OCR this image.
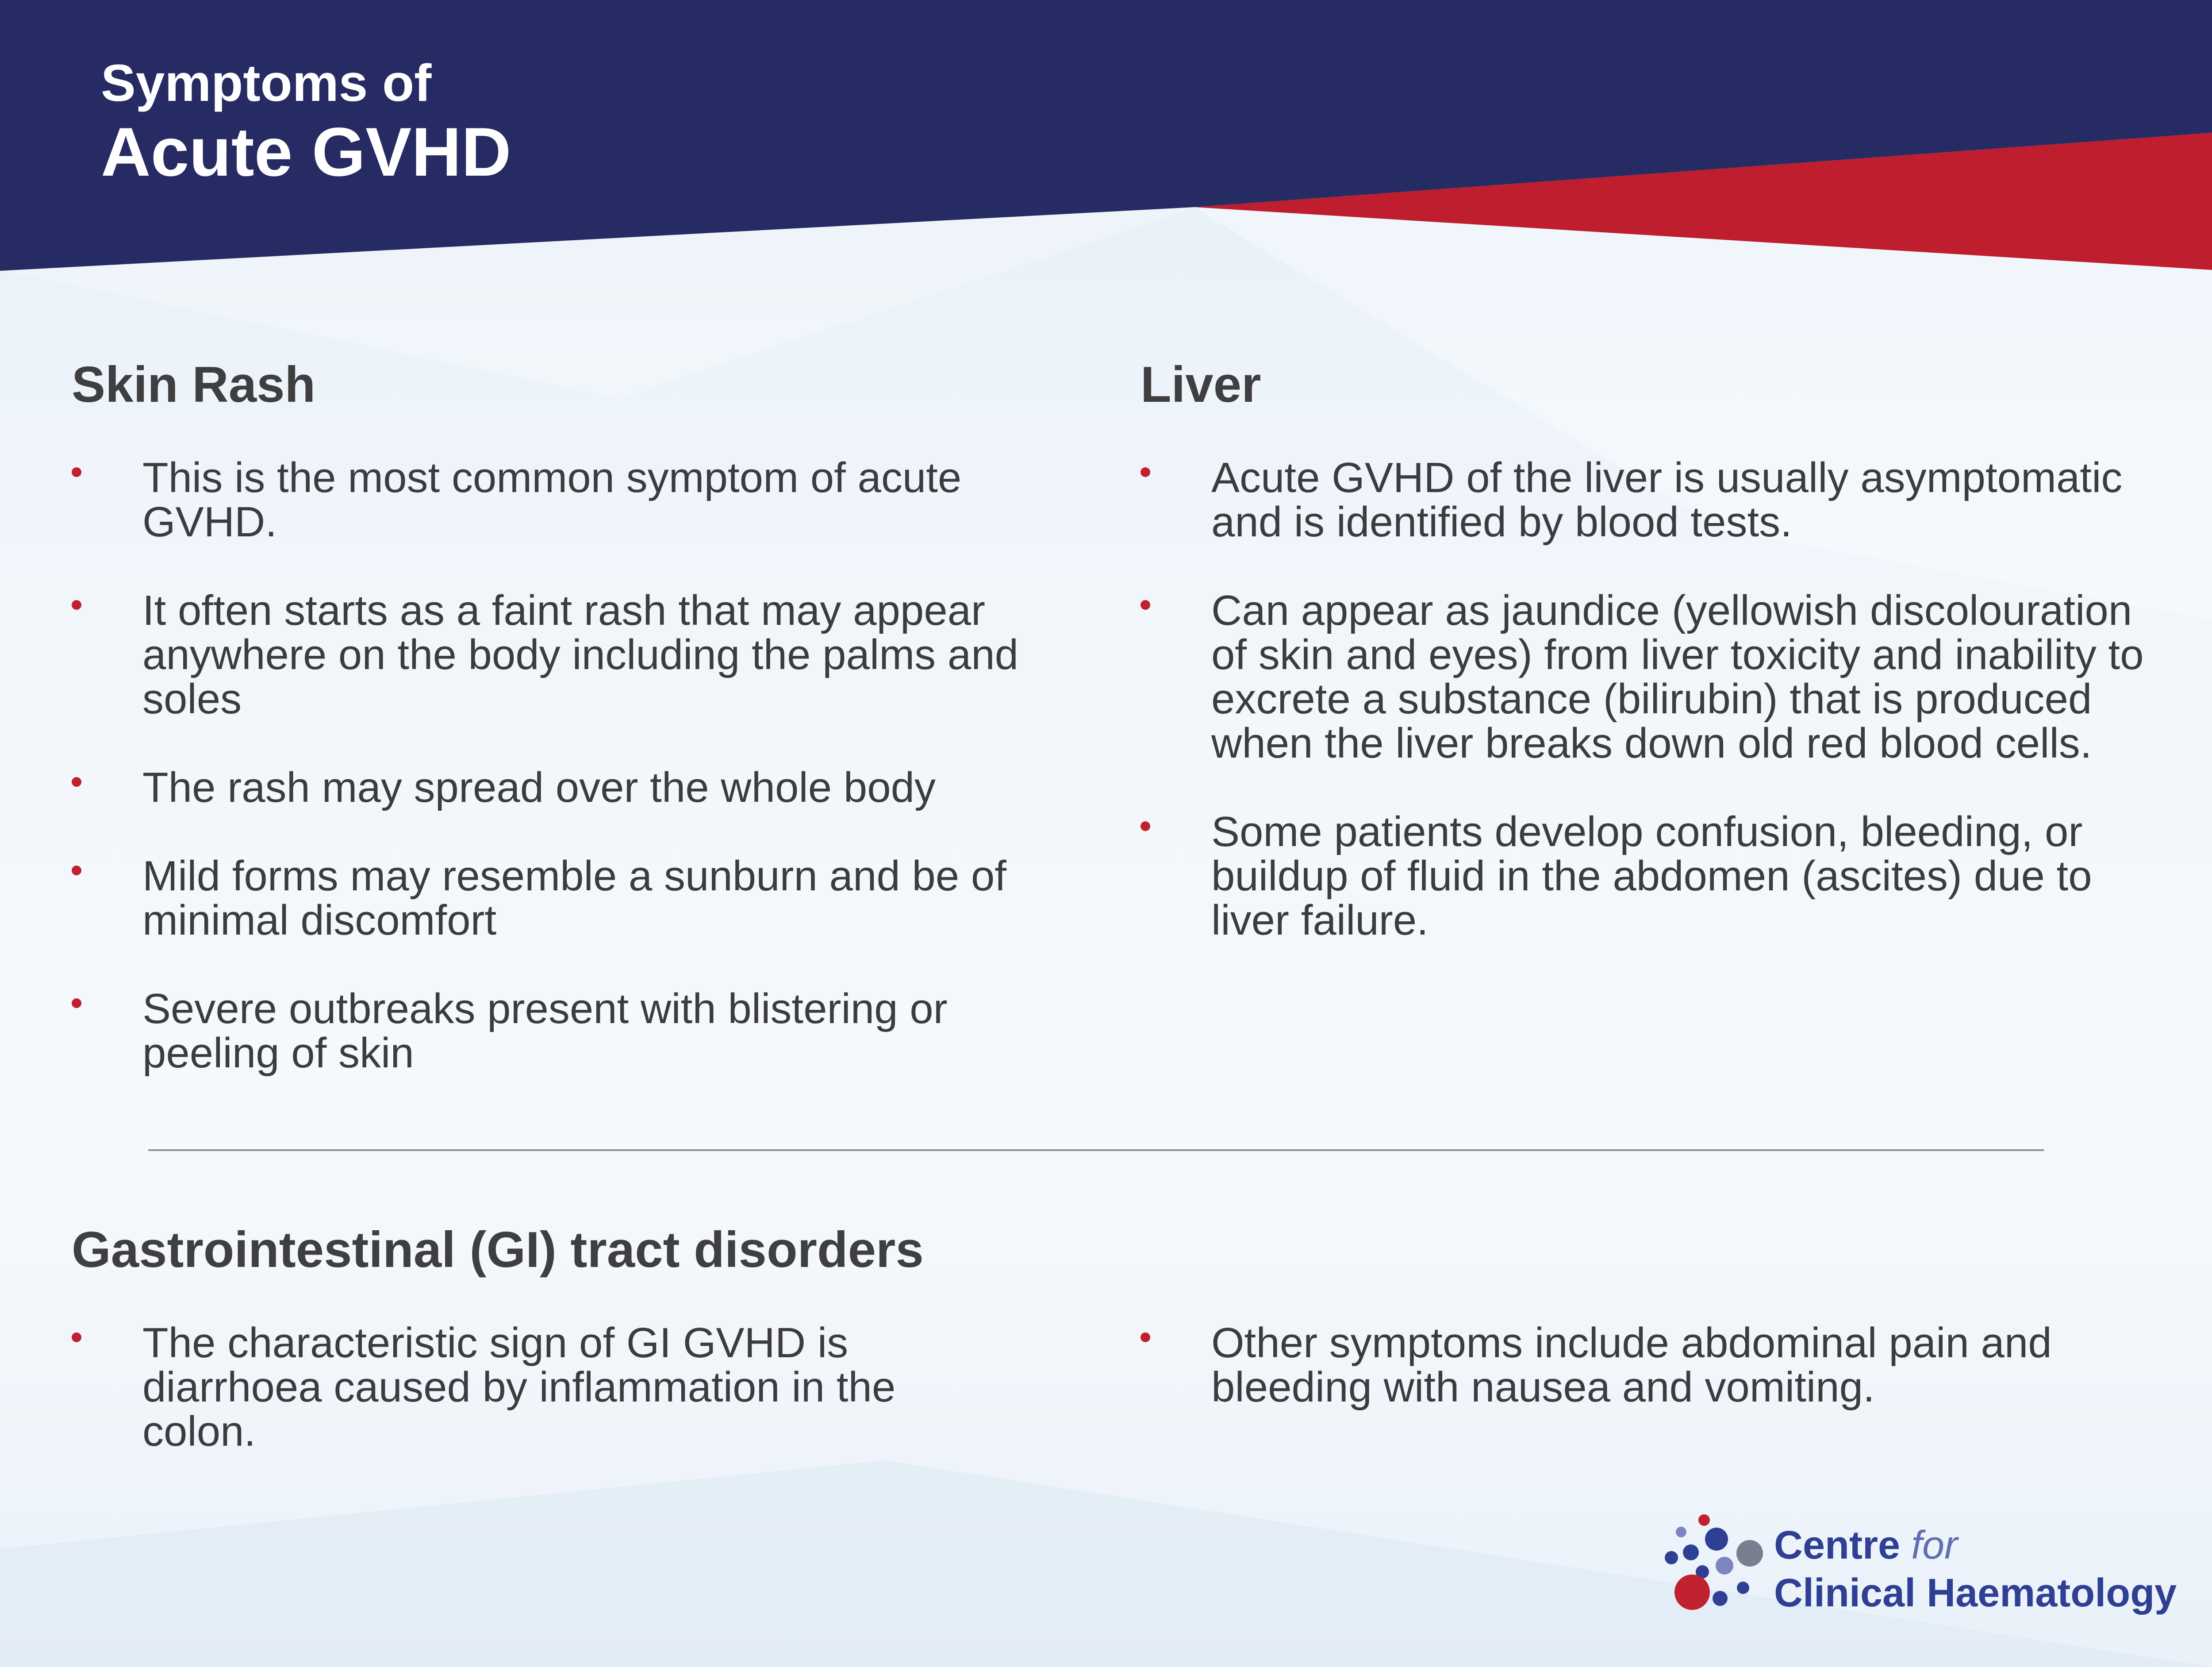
Symptoms of
Acute GVHD
Skin Rash
This is the most common symptom of acute GVHD.
It often starts as a faint rash that may appear anywhere on the body including the palms and soles
The rash may spread over the whole body
Mild forms may resemble a sunburn and be of minimal discomfort
Severe outbreaks present with blistering or peeling of skin
Liver
Acute GVHD of the liver is usually asymptomatic and is identified by blood tests.
Can appear as jaundice (yellowish discolouration of skin and eyes) from liver toxicity and inability to excrete a substance (bilirubin) that is produced when the liver breaks down old red blood cells.
Some patients develop confusion, bleeding, or buildup of fluid in the abdomen (ascites) due to liver failure.
Gastrointestinal (GI) tract disorders
The characteristic sign of GI GVHD is diarrhoea caused by inflammation in the colon.
Other symptoms include abdominal pain and bleeding with nausea and vomiting.
Centre for
Clinical Haematology
